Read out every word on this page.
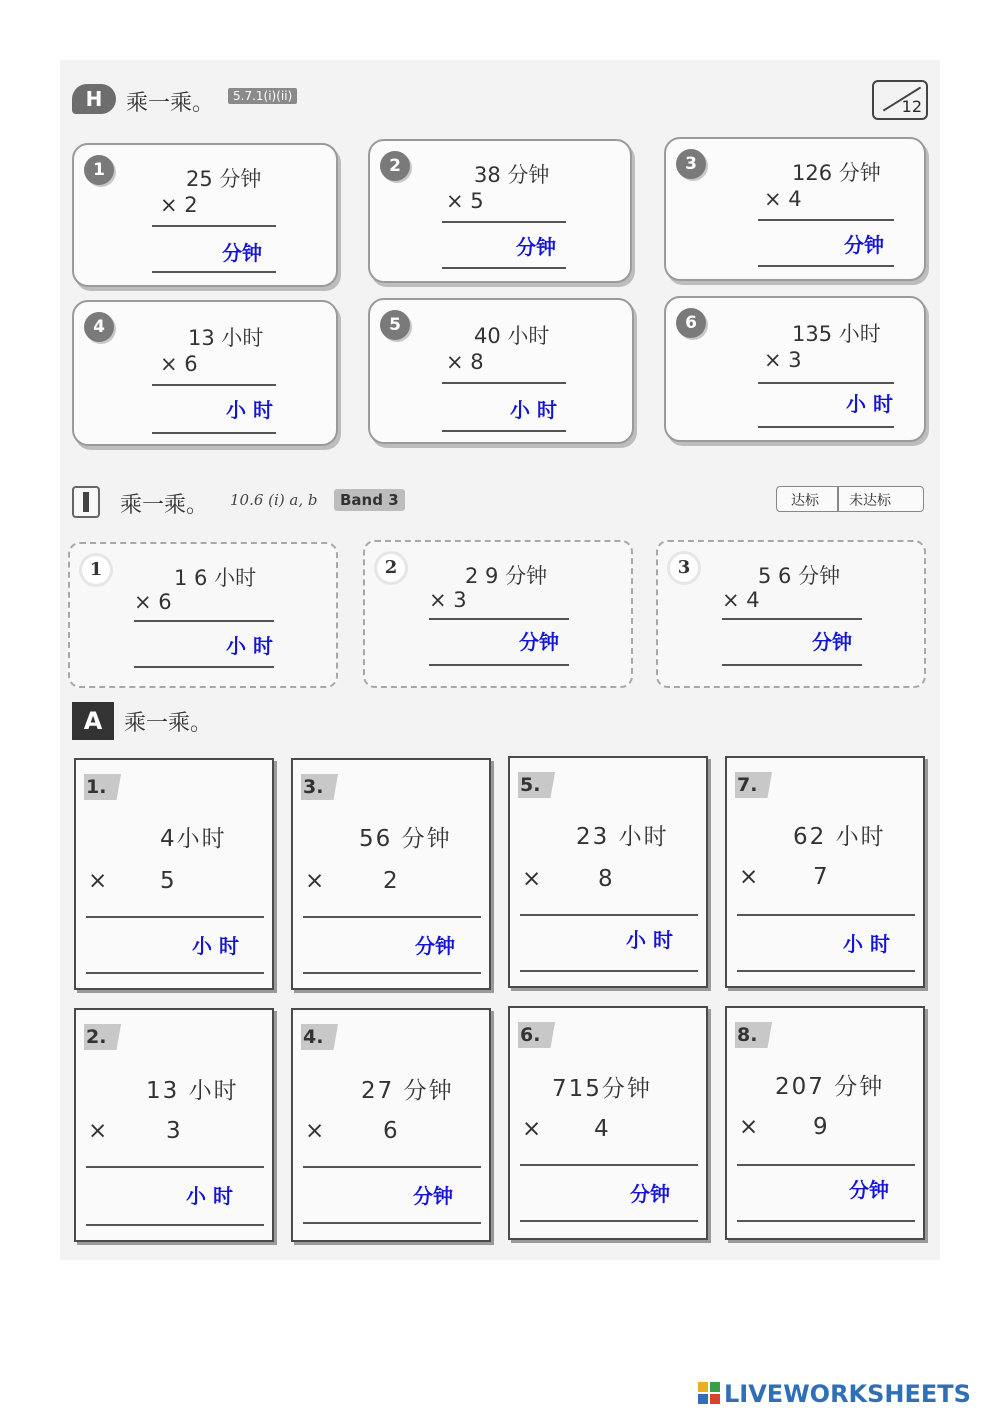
H	乘一乘。	5.7.1(i)(ii)
12
1	25 分钟
× 2
分钟
2	38 分钟
× 5
分钟
3	126 分钟
× 4
分钟
4	13 小时
× 6
小 时
5	40 小时
× 8
小 时
6	135 小时
× 3
小 时
乘一乘。 10.6 (i) a, b	Band 3	达标 未达标
1	1 6 小时
× 6
小 时
2	2 9 分钟
× 3
分钟
3	5 6 分钟
× 4
分钟
A 乘一乘。
1.
4小时
× 5
小 时
3.
56 分钟
×	2
分钟
5.
23 小时
× 8
小 时
7.
62 小时
× 7
小 时
2.
13 小时
×	3
小 时
4.
27 分钟
×	6
分钟
6.
715分钟
× 4
分钟
8.
207 分钟
× 9
分钟
LIVEWORKSHEETS
